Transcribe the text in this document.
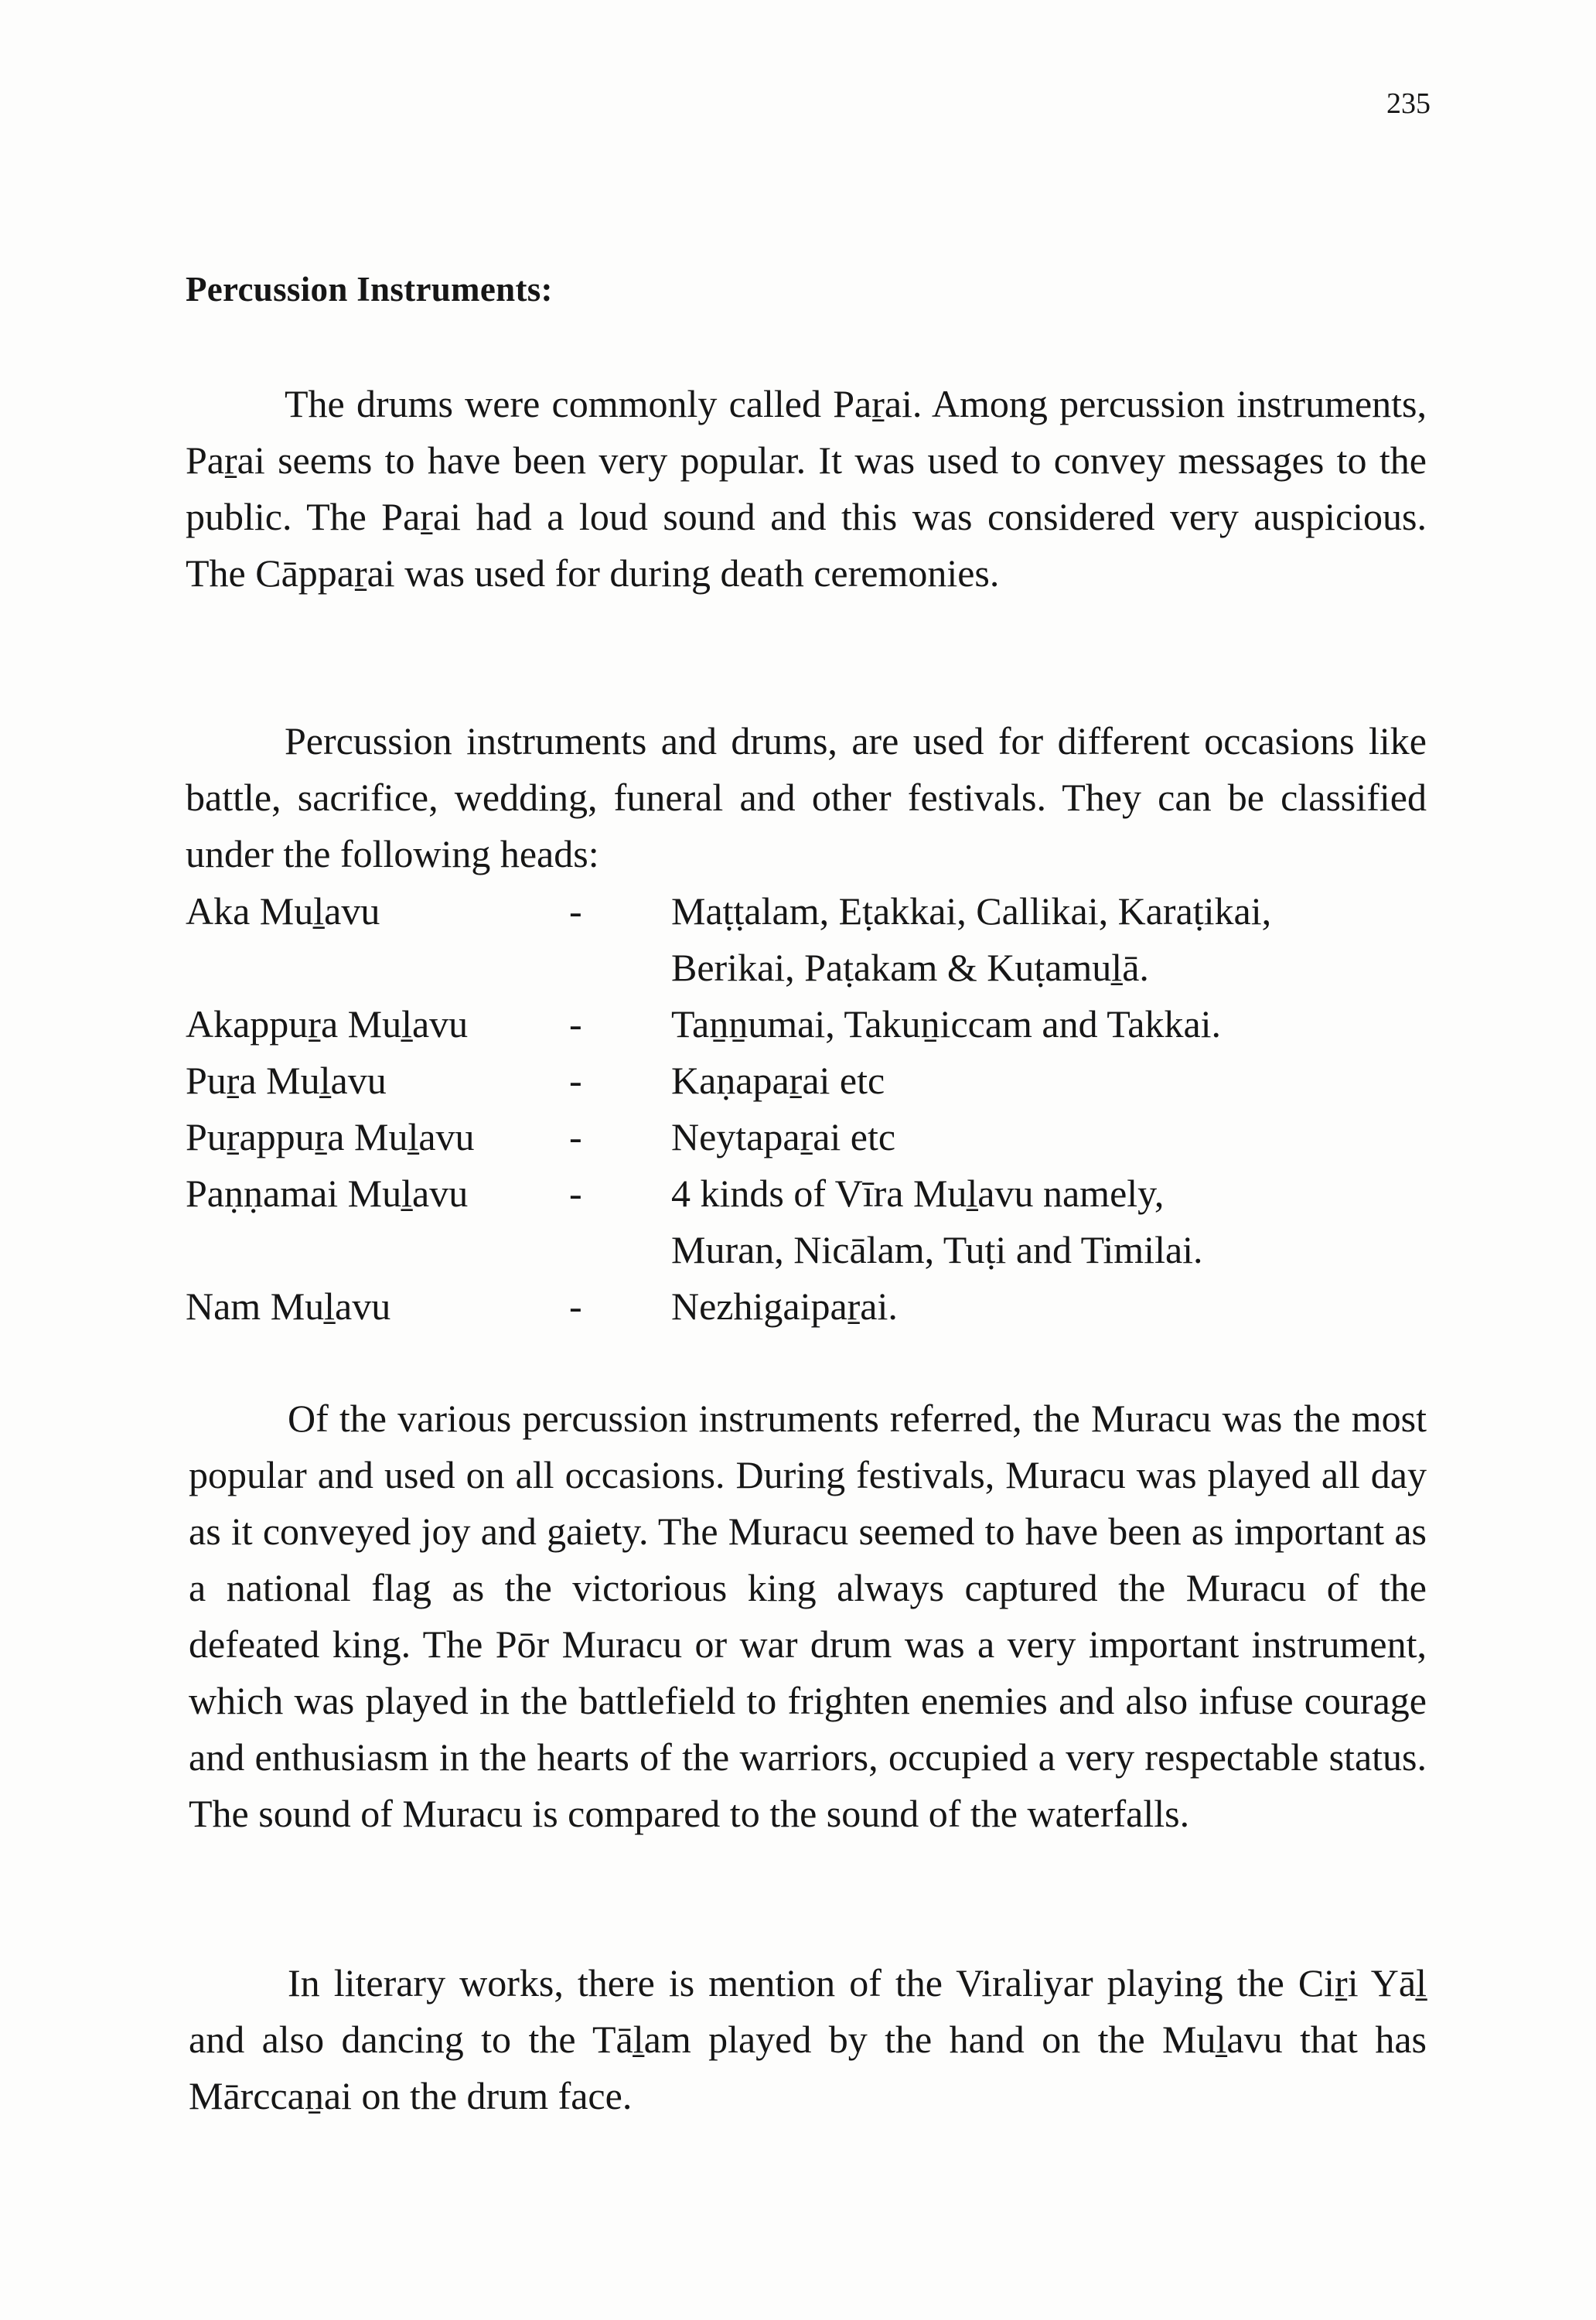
235
Percussion Instruments:

The drums were commonly called Paṟai. Among percussion instruments, Paṟai seems to have been very popular. It was used to convey messages to the public. The Paṟai had a loud sound and this was considered very auspicious. The Cāppaṟai was used for during death ceremonies.

Percussion instruments and drums, are used for different occasions like battle, sacrifice, wedding, funeral and other festivals. They can be classified under the following heads:

Aka Muḻavu	-	Maṭṭalam, Eṭakkai, Callikai, Karaṭikai,
Berikai, Paṭakam & Kuṭamuḻā.
Akappuṟa Muḻavu	-	Taṉṉumai, Takuṉiccam and Takkai.
Puṟa Muḻavu	-	Kaṇapaṟai etc
Puṟappuṟa Muḻavu	-	Neytapaṟai etc
Paṇṇamai Muḻavu	-	4 kinds of Vīra Muḻavu namely,
Muran, Nicālam, Tuṭi and Timilai.
Nam Muḻavu	-	Nezhigaipaṟai.

Of the various percussion instruments referred, the Muracu was the most popular and used on all occasions. During festivals, Muracu was played all day as it conveyed joy and gaiety. The Muracu seemed to have been as important as a national flag as the victorious king always captured the Muracu of the defeated king. The Pōr Muracu or war drum was a very important instrument, which was played in the battlefield to frighten enemies and also infuse courage and enthusiasm in the hearts of the warriors, occupied a very respectable status. The sound of Muracu is compared to the sound of the waterfalls.

In literary works, there is mention of the Viraliyar playing the Ciṟi Yāḻ and also dancing to the Tāḻam played by the hand on the Muḻavu that has Mārccaṉai on the drum face.
